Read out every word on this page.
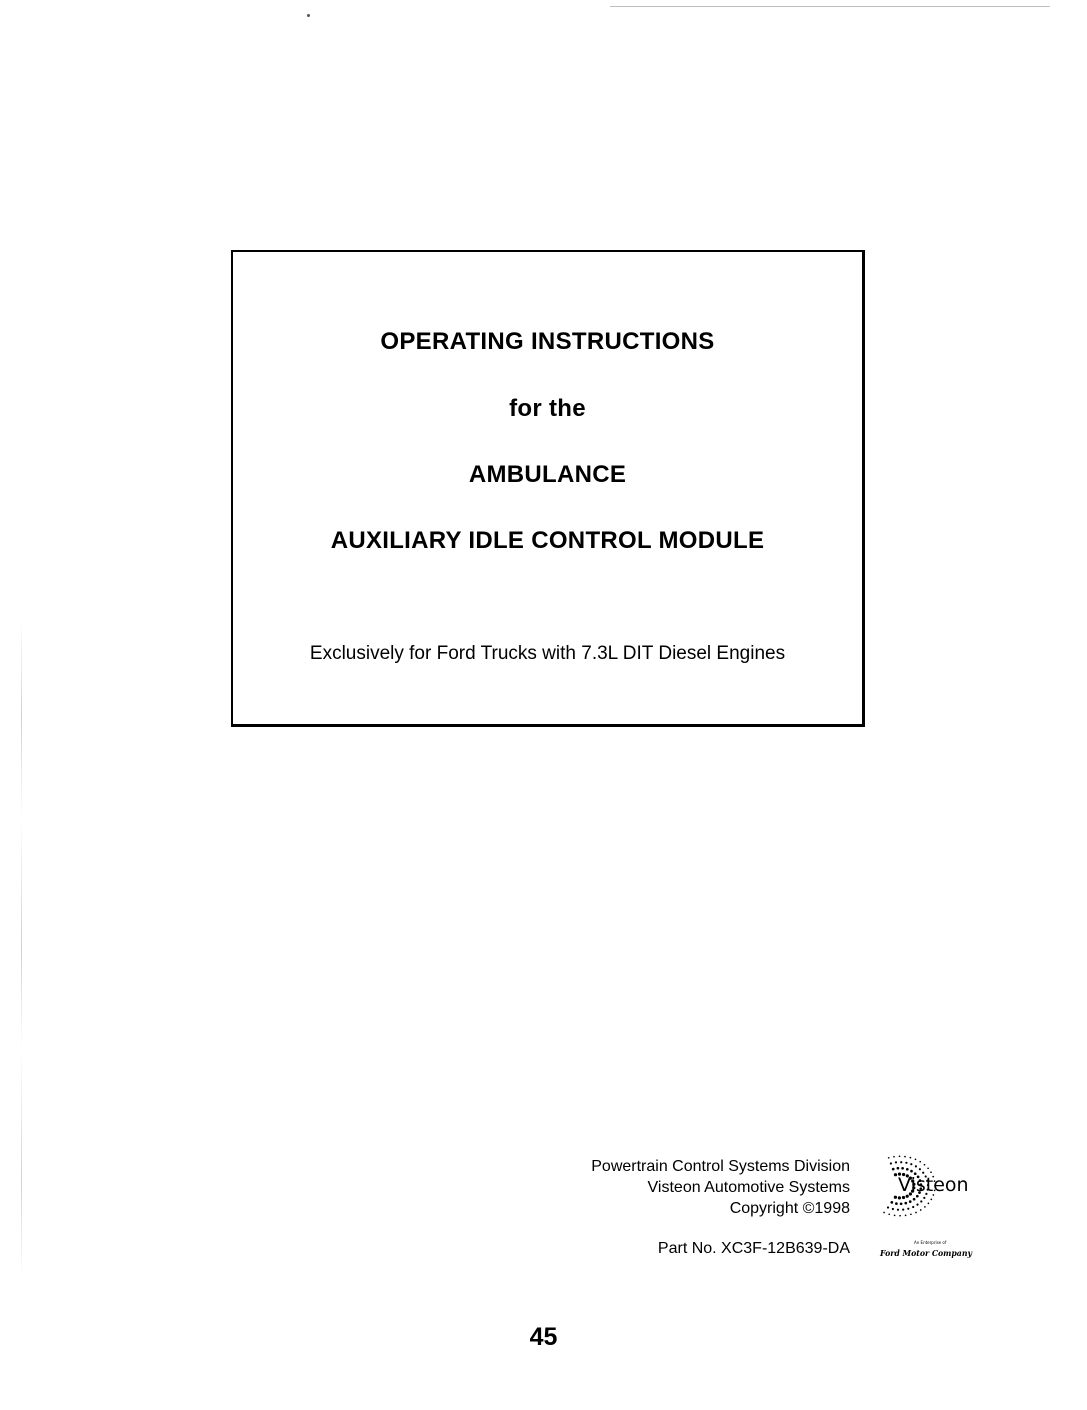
OPERATING INSTRUCTIONS
for the
AMBULANCE
AUXILIARY IDLE CONTROL MODULE
Exclusively for Ford Trucks with 7.3L DIT Diesel Engines
Powertrain Control Systems Division
Visteon Automotive Systems
Copyright ©1998
Part No. XC3F-12B639-DA
Visteon
An Enterprise of
Ford Motor Company
45
